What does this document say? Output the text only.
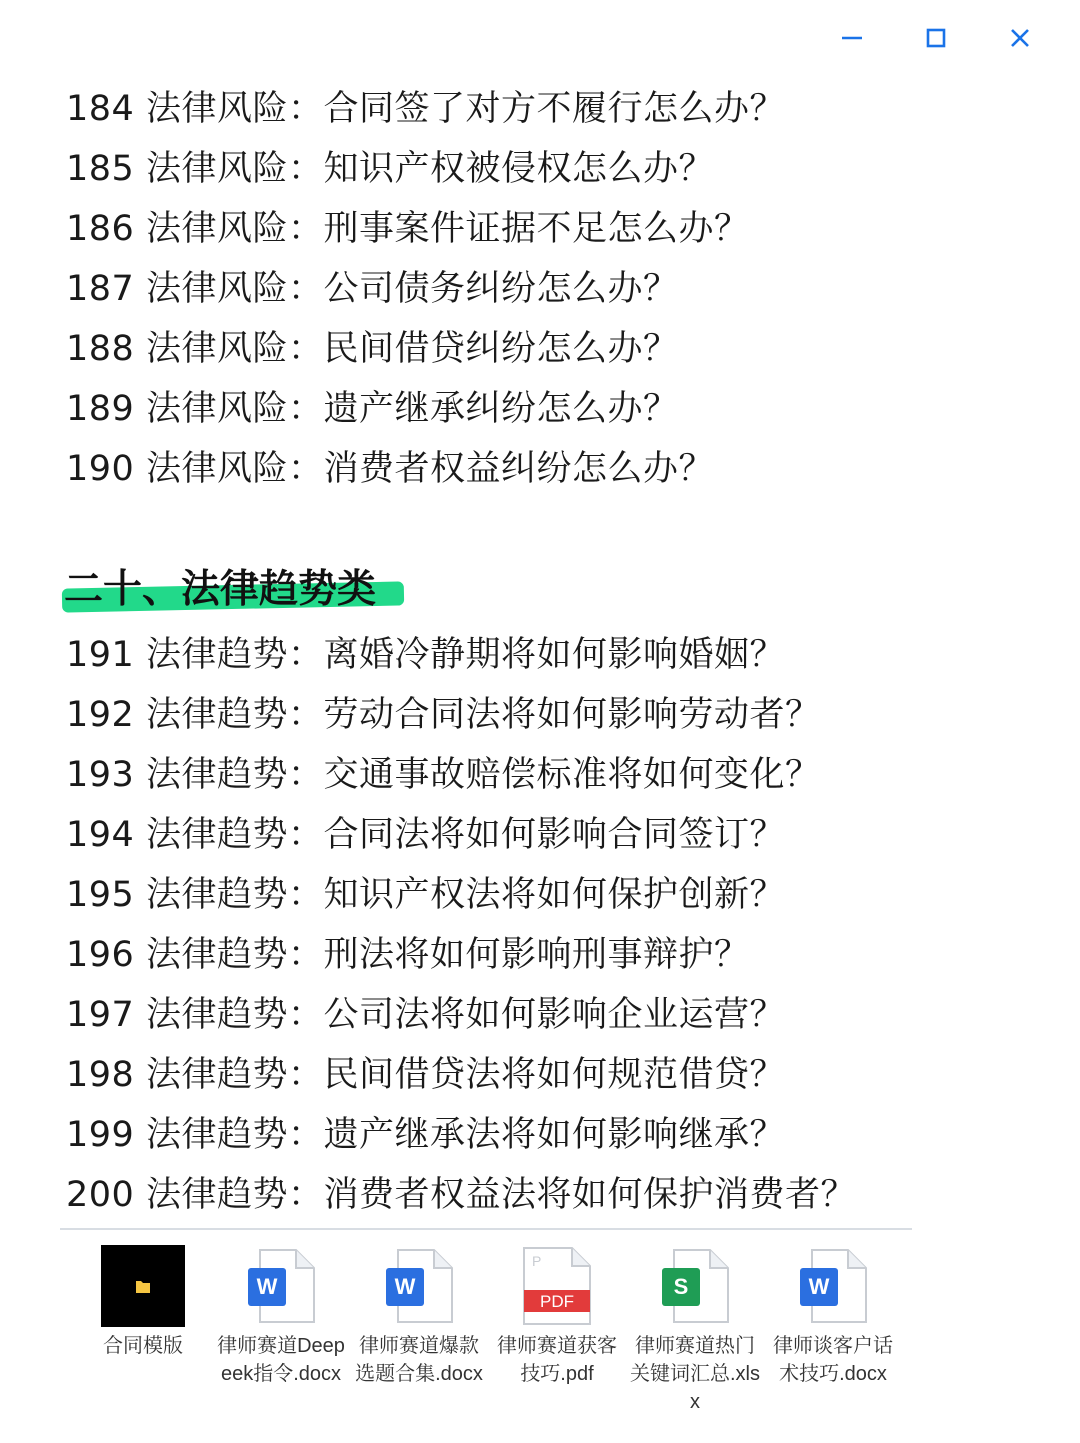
184 法律风险：合同签了对方不履行怎么办？
185 法律风险：知识产权被侵权怎么办？
186 法律风险：刑事案件证据不足怎么办？
187 法律风险：公司债务纠纷怎么办？
188 法律风险：民间借贷纠纷怎么办？
189 法律风险：遗产继承纠纷怎么办？
190 法律风险：消费者权益纠纷怎么办？
二十、法律趋势类
191 法律趋势：离婚冷静期将如何影响婚姻？
192 法律趋势：劳动合同法将如何影响劳动者？
193 法律趋势：交通事故赔偿标准将如何变化？
194 法律趋势：合同法将如何影响合同签订？
195 法律趋势：知识产权法将如何保护创新？
196 法律趋势：刑法将如何影响刑事辩护？
197 法律趋势：公司法将如何影响企业运营？
198 法律趋势：民间借贷法将如何规范借贷？
199 法律趋势：遗产继承法将如何影响继承？
200 法律趋势：消费者权益法将如何保护消费者？
合同模版
W
律师赛道Deepeek指令.docx
W
律师赛道爆款选题合集.docx
P
PDF
律师赛道获客技巧.pdf
S
律师赛道热门关键词汇总.xlsx
W
律师谈客户话术技巧.docx
